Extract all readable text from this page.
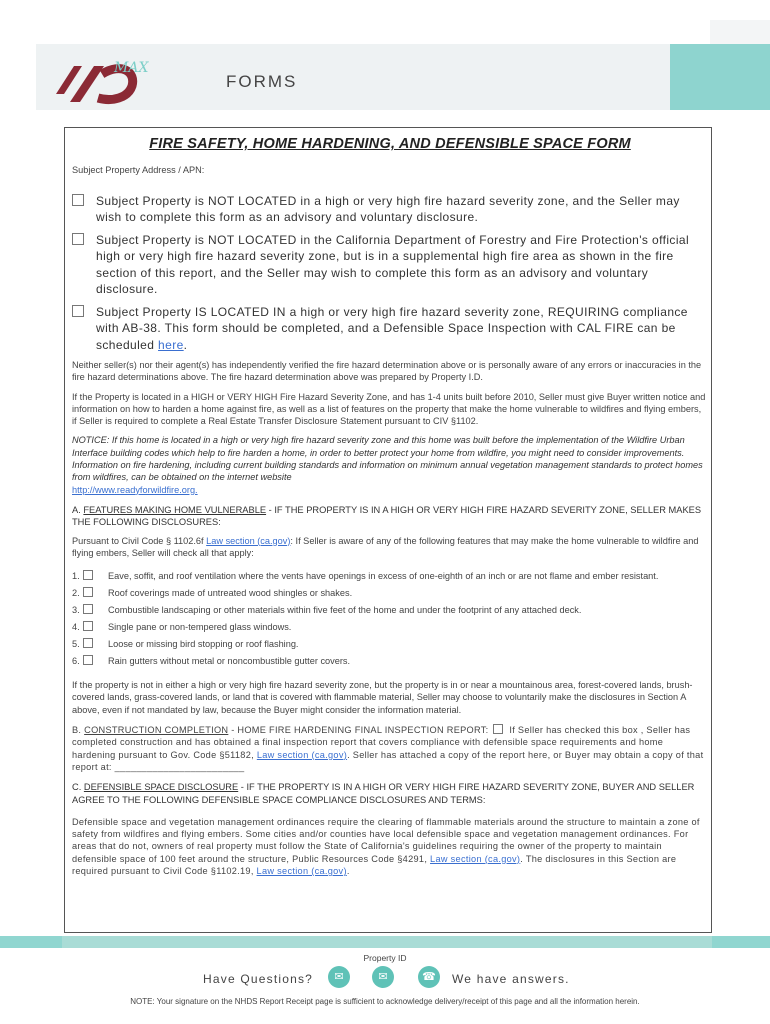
MAX
FORMS
FIRE SAFETY, HOME HARDENING, AND DEFENSIBLE SPACE FORM
Subject Property Address / APN:
Subject Property is NOT LOCATED in a high or very high fire hazard severity zone, and the Seller may wish to complete this form as an advisory and voluntary disclosure.
Subject Property is NOT LOCATED in the California Department of Forestry and Fire Protection's official high or very high fire hazard severity zone, but is in a supplemental high fire area as shown in the fire section of this report, and the Seller may wish to complete this form as an advisory and voluntary disclosure.
Subject Property IS LOCATED IN a high or very high fire hazard severity zone, REQUIRING compliance with AB-38. This form should be completed, and a Defensible Space Inspection with CAL FIRE can be scheduled here.

Neither seller(s) nor their agent(s) has independently verified the fire hazard determination above or is personally aware of any errors or inaccuracies in the fire hazard determinations above. The fire hazard determination above was prepared by Property I.D.

If the Property is located in a HIGH or VERY HIGH Fire Hazard Severity Zone, and has 1-4 units built before 2010, Seller must give Buyer written notice and information on how to harden a home against fire, as well as a list of features on the property that make the home vulnerable to wildfires and flying embers, if Seller is required to complete a Real Estate Transfer Disclosure Statement pursuant to CIV §1102.

NOTICE: If this home is located in a high or very high fire hazard severity zone and this home was built before the implementation of the Wildfire Urban Interface building codes which help to fire harden a home, in order to better protect your home from wildfire, you might need to consider improvements. Information on fire hardening, including current building standards and information on minimum annual vegetation management standards to protect homes from wildfires, can be obtained on the internet website
http://www.readyforwildfire.org.

A. FEATURES MAKING HOME VULNERABLE - IF THE PROPERTY IS IN A HIGH OR VERY HIGH FIRE HAZARD SEVERITY ZONE, SELLER MAKES THE FOLLOWING DISCLOSURES:

Pursuant to Civil Code § 1102.6f Law section (ca.gov): If Seller is aware of any of the following features that may make the home vulnerable to wildfire and flying embers, Seller will check all that apply:

1.	Eave, soffit, and roof ventilation where the vents have openings in excess of one-eighth of an inch or are not flame and ember resistant.
2.	Roof coverings made of untreated wood shingles or shakes.
3.	Combustible landscaping or other materials within five feet of the home and under the footprint of any attached deck.
4.	Single pane or non-tempered glass windows.
5.	Loose or missing bird stopping or roof flashing.
6.	Rain gutters without metal or noncombustible gutter covers.

If the property is not in either a high or very high fire hazard severity zone, but the property is in or near a mountainous area, forest-covered lands, brush-covered lands, grass-covered lands, or land that is covered with flammable material, Seller may choose to voluntarily make the disclosures in Section A above, even if not mandated by law, because the Buyer might consider the information material.

B. CONSTRUCTION COMPLETION - HOME FIRE HARDENING FINAL INSPECTION REPORT: If Seller has checked this box , Seller has completed construction and has obtained a final inspection report that covers compliance with defensible space requirements and home hardening pursuant to Gov. Code §51182, Law section (ca.gov). Seller has attached a copy of the report here, or Buyer may obtain a copy of that report at: ________________________

C. DEFENSIBLE SPACE DISCLOSURE - IF THE PROPERTY IS IN A HIGH OR VERY HIGH FIRE HAZARD SEVERITY ZONE, BUYER AND SELLER AGREE TO THE FOLLOWING DEFENSIBLE SPACE COMPLIANCE DISCLOSURES AND TERMS:

Defensible space and vegetation management ordinances require the clearing of flammable materials around the structure to maintain a zone of safety from wildfires and flying embers. Some cities and/or counties have local defensible space and vegetation management ordinances. For areas that do not, owners of real property must follow the State of California's guidelines requiring the owner of the property to maintain defensible space of 100 feet around the structure, Public Resources Code §4291, Law section (ca.gov). The disclosures in this Section are required pursuant to Civil Code §1102.19, Law section (ca.gov).

Property ID
Have Questions?	✉	✉	☎	We have answers.
NOTE: Your signature on the NHDS Report Receipt page is sufficient to acknowledge delivery/receipt of this page and all the information herein.
